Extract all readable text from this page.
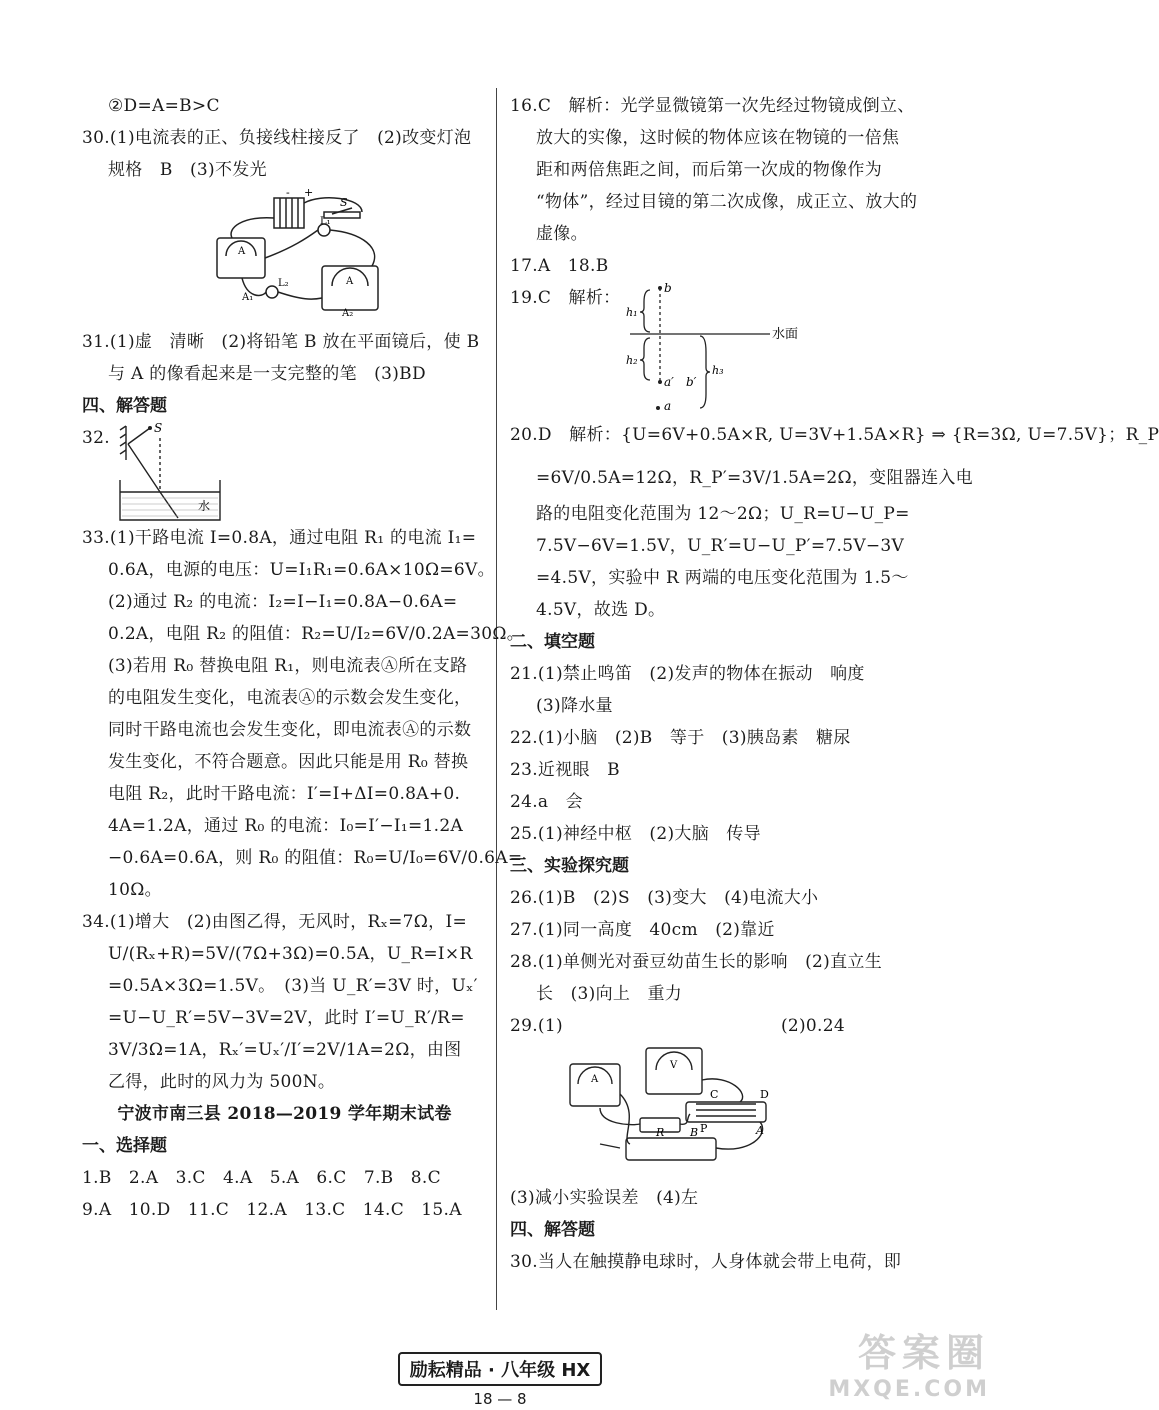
②D=A=B>C
30.(1)电流表的正、负接线柱接反了　(2)改变灯泡
规格　B　(3)不发光
- +
S
L₁
L₂
A
A
A₁
A₂
31.(1)虚　清晰　(2)将铅笔 B 放在平面镜后，使 B
与 A 的像看起来是一支完整的笔　(3)BD
四、解答题
32.	S
水
33.(1)干路电流 I=0.8A，通过电阻 R₁ 的电流 I₁=
0.6A，电源的电压：U=I₁R₁=0.6A×10Ω=6V。
(2)通过 R₂ 的电流：I₂=I−I₁=0.8A−0.6A=
0.2A，电阻 R₂ 的阻值：R₂=U/I₂=6V/0.2A=30Ω。
(3)若用 R₀ 替换电阻 R₁，则电流表Ⓐ所在支路
的电阻发生变化，电流表Ⓐ的示数会发生变化，
同时干路电流也会发生变化，即电流表Ⓐ的示数
发生变化，不符合题意。因此只能是用 R₀ 替换
电阻 R₂，此时干路电流：I′=I+ΔI=0.8A+0.
4A=1.2A，通过 R₀ 的电流：I₀=I′−I₁=1.2A
−0.6A=0.6A，则 R₀ 的阻值：R₀=U/I₀=6V/0.6A=
10Ω。
34.(1)增大　(2)由图乙得，无风时，Rₓ=7Ω，I=
U/(Rₓ+R)=5V/(7Ω+3Ω)=0.5A，U_R=I×R
=0.5A×3Ω=1.5V。　(3)当 U_R′=3V 时，Uₓ′
=U−U_R′=5V−3V=2V，此时 I′=U_R′/R=
3V/3Ω=1A，Rₓ′=Uₓ′/I′=2V/1A=2Ω，由图
乙得，此时的风力为 500N。
宁波市南三县 2018—2019 学年期末试卷
一、选择题
1.B　2.A　3.C　4.A　5.A　6.C　7.B　8.C
9.A　10.D　11.C　12.A　13.C　14.C　15.A
16.C　解析：光学显微镜第一次先经过物镜成倒立、
放大的实像，这时候的物体应该在物镜的一倍焦
距和两倍焦距之间，而后第一次成的物像作为
“物体”，经过目镜的第二次成像，成正立、放大的
虚像。
17.A　18.B
19.C　解析：	b
h₁
h₂
h₃
a′ b′
a
水面
20.D　解析：{U=6V+0.5A×R, U=3V+1.5A×R} ⇒ {R=3Ω, U=7.5V}；R_P
=6V/0.5A=12Ω，R_P′=3V/1.5A=2Ω，变阻器连入电
路的电阻变化范围为 12～2Ω；U_R=U−U_P=
7.5V−6V=1.5V，U_R′=U−U_P′=7.5V−3V
=4.5V，实验中 R 两端的电压变化范围为 1.5～
4.5V，故选 D。
二、填空题
21.(1)禁止鸣笛　(2)发声的物体在振动　响度
(3)降水量
22.(1)小脑　(2)B　等于　(3)胰岛素　糖尿
23.近视眼　B
24.a　会
25.(1)神经中枢　(2)大脑　传导
三、实验探究题
26.(1)B　(2)S　(3)变大　(4)电流大小
27.(1)同一高度　40cm　(2)靠近
28.(1)单侧光对蚕豆幼苗生长的影响　(2)直立生
长　(3)向上　重力
29.(1)	(2)0.24
A
V
C	D
P
B
R	A
(3)减小实验误差　(4)左
四、解答题
30.当人在触摸静电球时，人身体就会带上电荷，即
励耘精品 · 八年级 HX
18 — 8
答案圈
MXQE.COM
